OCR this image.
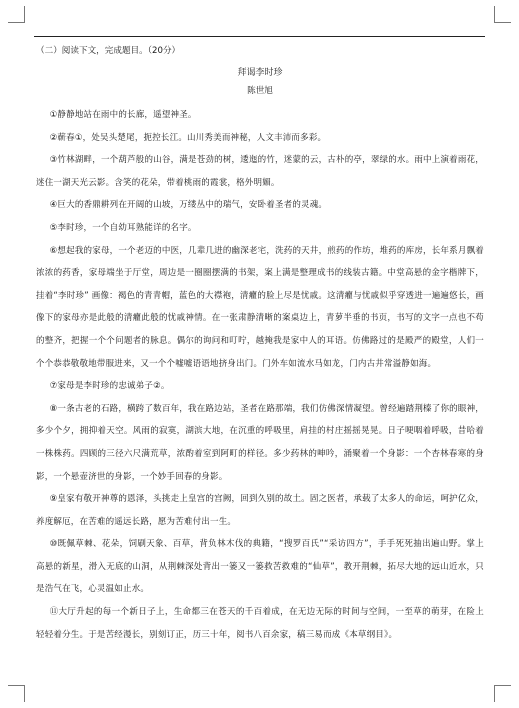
（二）阅读下文，完成题目。（20分）
拜谒李时珍
陈世旭

①静静地站在雨中的长廊，遥望神圣。

②蕲春①，处吴头楚尾，扼控长江。山川秀美而神秘，人文丰沛而多彩。

③竹林湖畔，一个葫芦般的山谷，满是苍劲的树，逶迤的竹，迷蒙的云，古朴的亭，翠绿的水。雨中上演着雨花，迷住一湖天光云影。含笑的花朵，带着桃雨的霞裳，格外明媚。

④巨大的香鼎耕列在开阔的山坡，万缕丛中的瑞气，安卧着圣者的灵魂。

⑤李时珍，一个自幼耳熟能详的名字。

⑥想起我的家母，一个老迈的中医，几辈几进的幽深老宅，洗药的天井，煎药的作坊，堆药的库房，长年系月飘着浓浓的药香，家母端坐于厅堂，周边是一圈圈摆满的书架，案上满是整理成书的线装古籍。中堂高悬的金字楷牌下，挂着“李时珍” 画像：褐色的青青帽，蓝色的大襟袍，清癯的脸上尽是忧戚。这清癯与忧戚似乎穿透进一遍遍悠长，画像下的家母亦是此般的清癯此般的忧戚神情。在一张肃静清晰的案桌边上，青萝半垂的书页，书写的文字一点也不苟的整齐，把握一个个问题者的脉息。偶尔的询问和叮咛，越掩我是家中人的耳语。仿佛路过的是殿严的殿堂，人们一个个恭恭敬敬地带服进来，又一个个嘘嘘语语地挤身出门。门外车如流水马如龙，门内古井常溢静如海。

⑦家母是李时珍的忠诚弟子②。

⑧一条古老的石路，横跨了数百年，我在路边站，圣者在路那端，我们仿佛深情凝望。曾经遍踏荆榛了你的眼神，多少个夕，拥抑着天空。风雨的寂寞，湖滨大地，在沉重的呼吸里，肩挂的村庄摇摇晃晃。日子哽咽着呼吸，昔哈着一株株药。四顾的三径六尺满荒草，浓酌着室到阿町的样径。多少药林的呻吟，涌聚着一个身影：一个杏林春寒的身影，一个悬壶济世的身影，一个妙手回春的身影。

⑨皇家有敬开神尊的恩泽，头挑走上皇宫的宫阙，回到久别的故土。固之医者，承载了太多人的命运，呵护亿众，养度解厄，在苦难的遥远长路，愿为苦难付出一生。

⑩既佩草棘、花朵，饲刷天象、百草，背负林木伐的典籍，“搜罗百氏”“采访四方”，手手死死抽出遍山野。掌上高悬的新星，滑入无底的山洞，从荆棘深处背出一篓又一篓救苦救难的“仙草”，教开荆棘，拓尽大地的远山近水，只是浩气在飞，心灵温如止水。

⑪大厅升起的每一个新日子上，生命都三在苍天的千百着成，在无边无际的时间与空间，一至草的萌芽，在险上轻轻着分生。于是苦经漫长，别刻订正，历三十年，阅书八百余家，稿三易而成《本草纲目》。
